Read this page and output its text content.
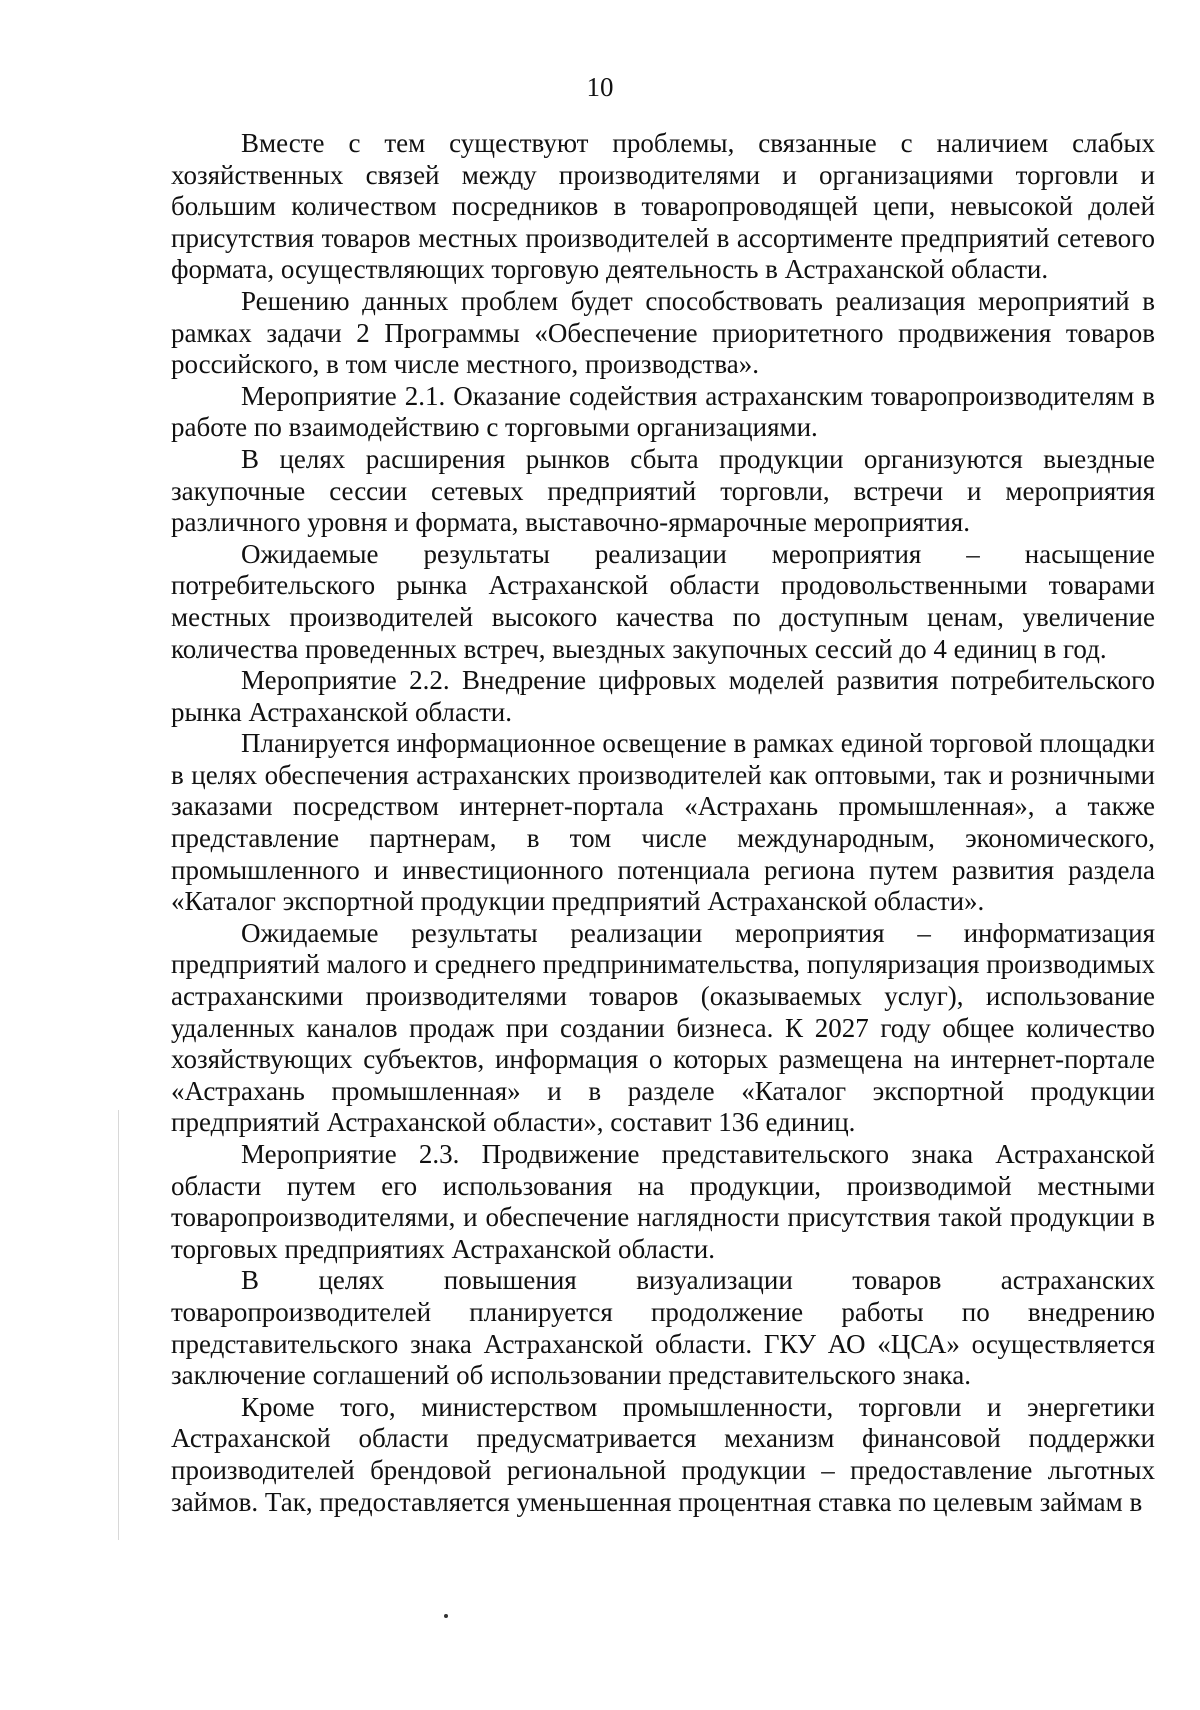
10

Вместе с тем существуют проблемы, связанные с наличием слабых хозяйственных связей между производителями и организациями торговли и большим количеством посредников в товаропроводящей цепи, невысокой долей присутствия товаров местных производителей в ассортименте предприятий сетевого формата, осуществляющих торговую деятельность в Астраханской области.

Решению данных проблем будет способствовать реализация мероприятий в рамках задачи 2 Программы «Обеспечение приоритетного продвижения товаров российского, в том числе местного, производства».

Мероприятие 2.1. Оказание содействия астраханским товаропроизводителям в работе по взаимодействию с торговыми организациями.

В целях расширения рынков сбыта продукции организуются выездные закупочные сессии сетевых предприятий торговли, встречи и мероприятия различного уровня и формата, выставочно-ярмарочные мероприятия.

Ожидаемые результаты реализации мероприятия – насыщение потребительского рынка Астраханской области продовольственными товарами местных производителей высокого качества по доступным ценам, увеличение количества проведенных встреч, выездных закупочных сессий до 4 единиц в год.

Мероприятие 2.2. Внедрение цифровых моделей развития потребительского рынка Астраханской области.

Планируется информационное освещение в рамках единой торговой площадки в целях обеспечения астраханских производителей как оптовыми, так и розничными заказами посредством интернет-портала «Астрахань промышленная», а также представление партнерам, в том числе международным, экономического, промышленного и инвестиционного потенциала региона путем развития раздела «Каталог экспортной продукции предприятий Астраханской области».

Ожидаемые результаты реализации мероприятия – информатизация предприятий малого и среднего предпринимательства, популяризация производимых астраханскими производителями товаров (оказываемых услуг), использование удаленных каналов продаж при создании бизнеса. К 2027 году общее количество хозяйствующих субъектов, информация о которых размещена на интернет-портале «Астрахань промышленная» и в разделе «Каталог экспортной продукции предприятий Астраханской области», составит 136 единиц.

Мероприятие 2.3. Продвижение представительского знака Астраханской области путем его использования на продукции, производимой местными товаропроизводителями, и обеспечение наглядности присутствия такой продукции в торговых предприятиях Астраханской области.

В целях повышения визуализации товаров астраханских товаропроизводителей планируется продолжение работы по внедрению представительского знака Астраханской области. ГКУ АО «ЦСА» осуществляется заключение соглашений об использовании представительского знака.

Кроме того, министерством промышленности, торговли и энергетики Астраханской области предусматривается механизм финансовой поддержки производителей брендовой региональной продукции – предоставление льготных займов. Так, предоставляется уменьшенная процентная ставка по целевым займам в
